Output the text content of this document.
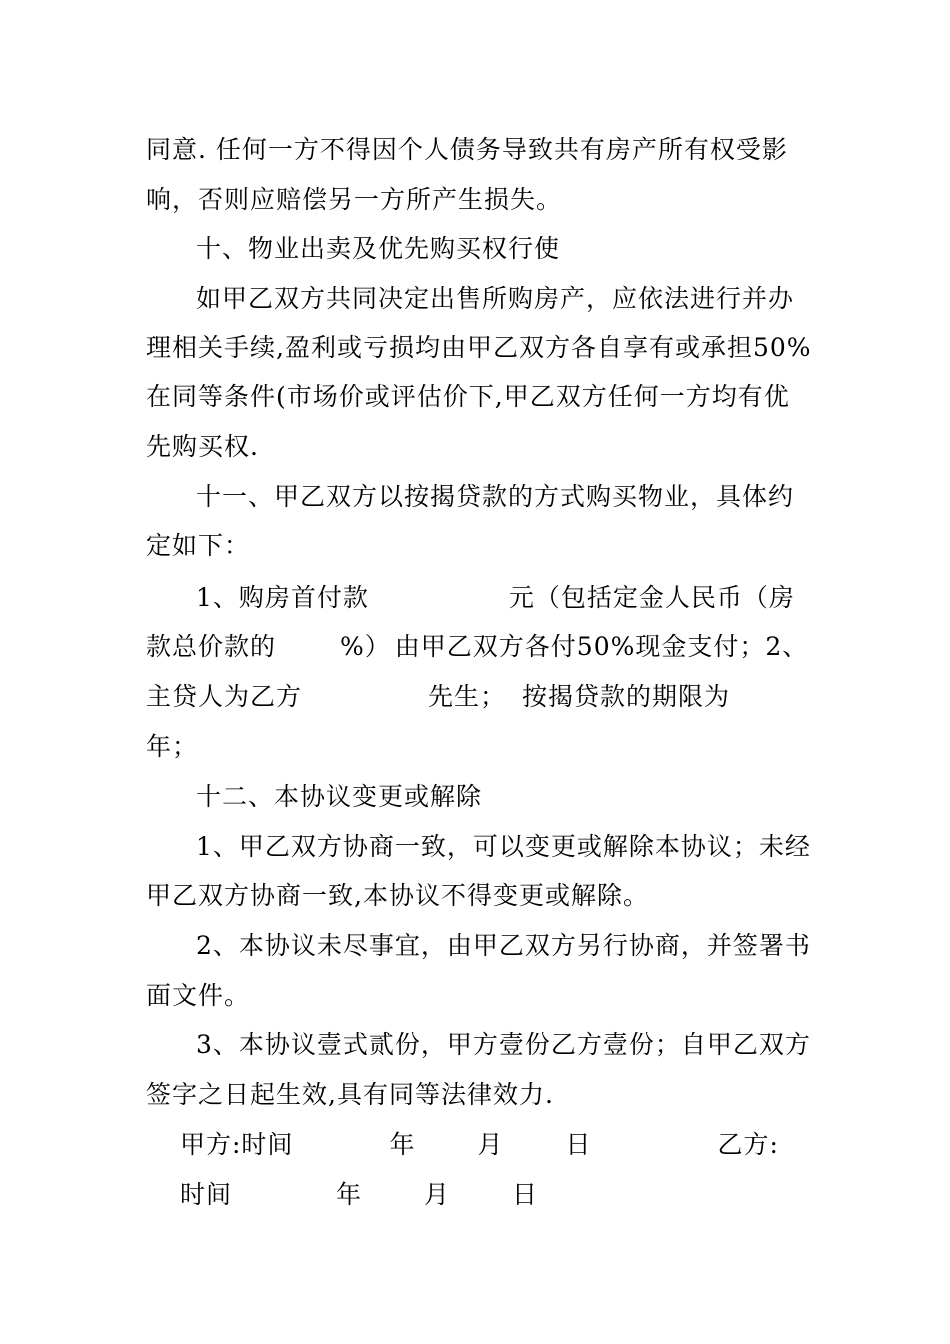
同意. 任何一方不得因个人债务导致共有房产所有权受影
响，否则应赔偿另一方所产生损失。
十、物业出卖及优先购买权行使
如甲乙双方共同决定出售所购房产，应依法进行并办
理相关手续,盈利或亏损均由甲乙双方各自享有或承担50%
在同等条件(市场价或评估价下,甲乙双方任何一方均有优
先购买权.
十一、甲乙双方以按揭贷款的方式购买物业，具体约
定如下：
1、购房首付款	元（包括定金人民币（房
款总价款的	%） 由甲乙双方各付50%现金支付；2、
主贷人为乙方	先生； 按揭贷款的期限为
年；
十二、本协议变更或解除
1、甲乙双方协商一致，可以变更或解除本协议；未经
甲乙双方协商一致,本协议不得变更或解除。
2、本协议未尽事宜，由甲乙双方另行协商，并签署书
面文件。
3、本协议壹式贰份，甲方壹份乙方壹份；自甲乙双方
签字之日起生效,具有同等法律效力.
甲方:时间	年 月 日	乙方:
时间	年 月 日
